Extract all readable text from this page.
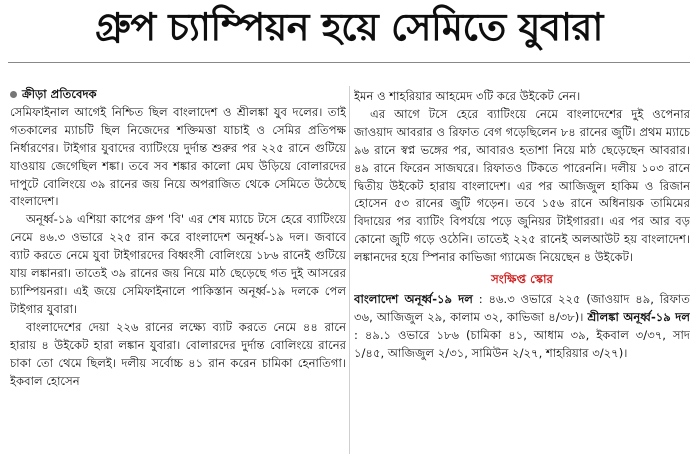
গ্রুপ চ্যাম্পিয়ন হয়ে সেমিতে যুবারা
ক্রীড়া প্রতিবেদক

সেমিফাইনাল আগেই নিশ্চিত ছিল বাংলাদেশ ও শ্রীলঙ্কা যুব দলের। তাই গতকালের ম্যাচটি ছিল নিজেদের শক্তিমত্তা যাচাই ও সেমির প্রতিপক্ষ নির্ধারণের। টাইগার যুবাদের ব্যাটিংয়ে দুর্দান্ত শুরুর পর ২২৫ রানে গুটিয়ে যাওয়ায় জেগেছিল শঙ্কা। তবে সব শঙ্কার কালো মেঘ উড়িয়ে বোলারদের দাপুটে বোলিংয়ে ৩৯ রানের জয় নিয়ে অপরাজিত থেকে সেমিতে উঠেছে বাংলাদেশ।

অনূর্ধ্ব-১৯ এশিয়া কাপের গ্রুপ 'বি' এর শেষ ম্যাচে টসে হেরে ব্যাটিংয়ে নেমে ৪৬.৩ ওভারে ২২৫ রান করে বাংলাদেশ অনূর্ধ্ব-১৯ দল। জবাবে ব্যাট করতে নেমে যুবা টাইগারদের বিধ্বংসী বোলিংয়ে ১৮৬ রানেই গুটিয়ে যায় লঙ্কানরা। তাতেই ৩৯ রানের জয় নিয়ে মাঠ ছেড়েছে গত দুই আসরের চ্যাম্পিয়নরা। এই জয়ে সেমিফাইনালে পাকিস্তান অনূর্ধ্ব-১৯ দলকে পেল টাইগার যুবারা।

বাংলাদেশের দেয়া ২২৬ রানের লক্ষ্যে ব্যাট করতে নেমে ৪৪ রানে হারায় ৪ উইকেট হারা লঙ্কান যুবারা। বোলারদের দুর্দান্ত বোলিংয়ে রানের চাকা তো থেমে ছিলই। দলীয় সর্বোচ্চ ৪১ রান করেন চামিকা হেনাতিগা। ইকবাল হোসেন

ইমন ও শাহরিয়ার আহমেদ ৩টি করে উইকেট নেন।

এর আগে টসে হেরে ব্যাটিংয়ে নেমে বাংলাদেশের দুই ওপেনার জাওয়াদ আবরার ও রিফাত বেগ গড়েছিলেন ৮৪ রানের জুটি। প্রথম ম্যাচে ৯৬ রানে স্বপ্ন ভঙ্গের পর, আবারও হতাশা নিয়ে মাঠ ছেড়েছেন আবরার। ৪৯ রানে ফিরেন সাজঘরে। রিফাতও টিকতে পারেননি। দলীয় ১০৩ রানে দ্বিতীয় উইকেট হারায় বাংলাদেশ। এর পর আজিজুল হাকিম ও রিজান হোসেন ৫৩ রানের জুটি গড়েন। তবে ১৫৬ রানে অধিনায়ক তামিমের বিদায়ের পর ব্যাটিং বিপর্যয়ে পড়ে জুনিয়র টাইগাররা। এর পর আর বড় কোনো জুটি গড়ে ওঠেনি। তাতেই ২২৫ রানেই অলআউট হয় বাংলাদেশ। লঙ্কানদের হয়ে স্পিনার কাভিজা গ্যামেজ নিয়েছেন ৪ উইকেট।

সংক্ষিপ্ত স্কোর

বাংলাদেশ অনূর্ধ্ব-১৯ দল : ৪৬.৩ ওভারে ২২৫ (জাওয়াদ ৪৯, রিফাত ৩৬, আজিজুল ২৯, কালাম ৩২, কাভিজা ৪/৩৮)। শ্রীলঙ্কা অনূর্ধ্ব-১৯ দল : ৪৯.১ ওভারে ১৮৬ (চামিকা ৪১, আধাম ৩৯, ইকবাল ৩/৩৭, সাদ ১/৪৫, আজিজুল ২/৩১, সামিউন ২/২৭, শাহরিয়ার ৩/২৭)।
